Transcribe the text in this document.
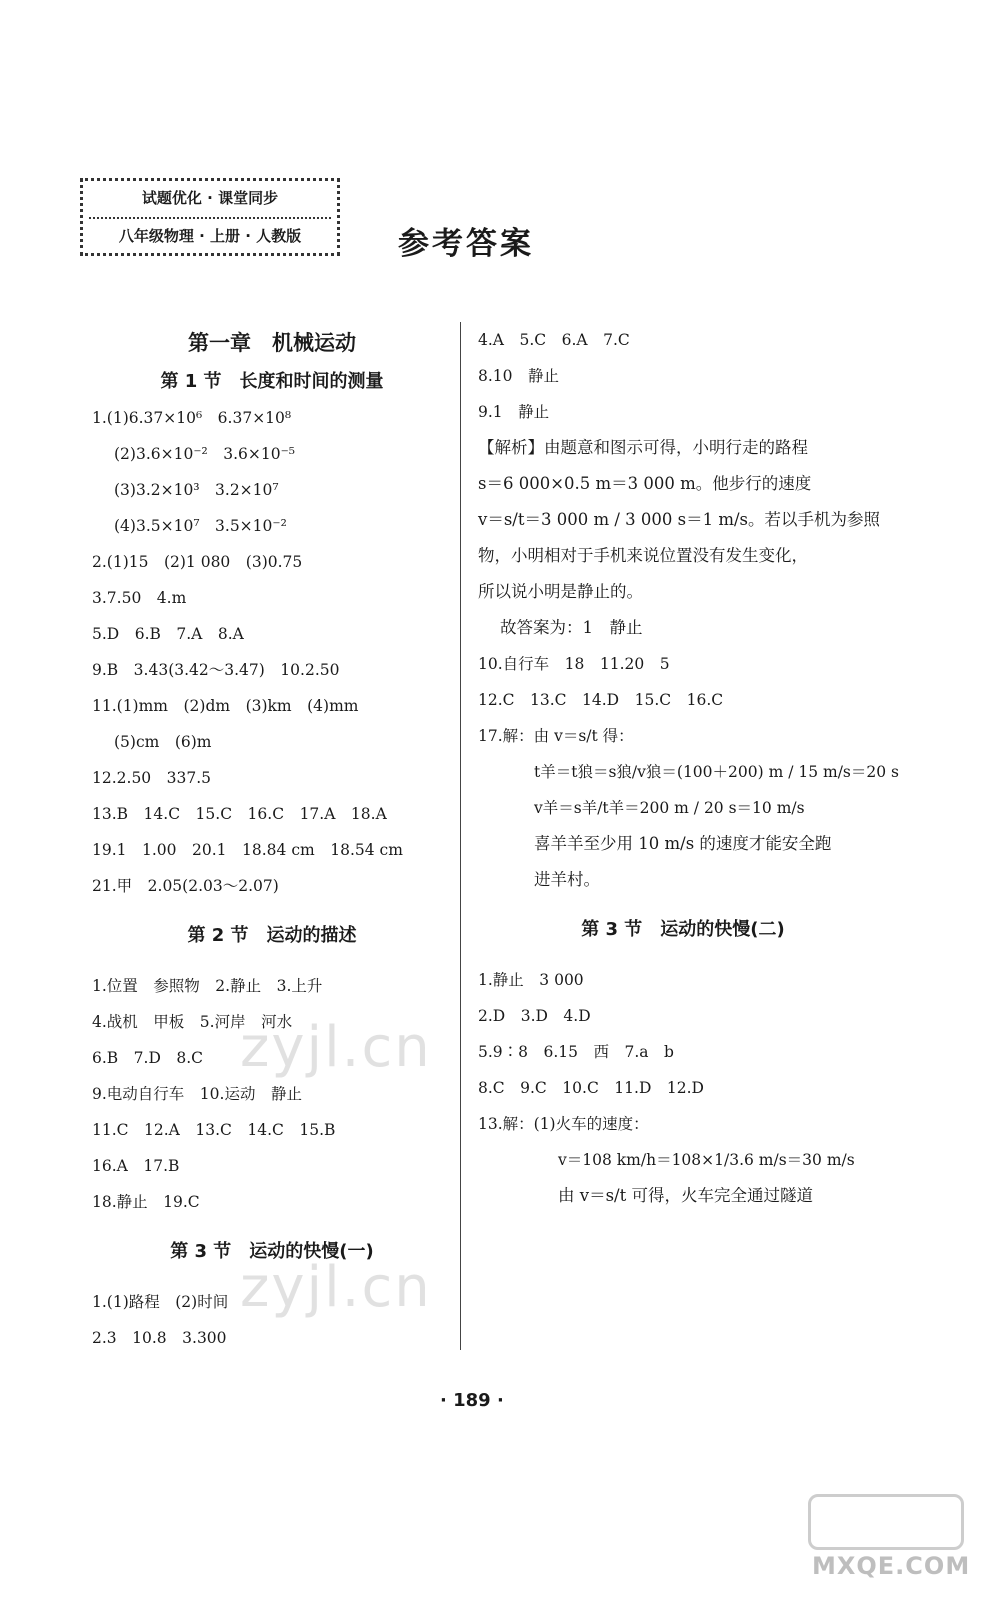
试题优化 · 课堂同步
八年级物理 · 上册 · 人教版	参考答案
第一章　机械运动
第 1 节　长度和时间的测量
1.(1)6.37×10⁶　6.37×10⁸
(2)3.6×10⁻²　3.6×10⁻⁵
(3)3.2×10³　3.2×10⁷
(4)3.5×10⁷　3.5×10⁻²
2.(1)15　(2)1 080　(3)0.75
3.7.50　4.m
5.D　6.B　7.A　8.A
9.B　3.43(3.42～3.47)　10.2.50
11.(1)mm　(2)dm　(3)km　(4)mm
(5)cm　(6)m
12.2.50　337.5
13.B　14.C　15.C　16.C　17.A　18.A
19.1　1.00　20.1　18.84 cm　18.54 cm
21.甲　2.05(2.03～2.07)
第 2 节　运动的描述
1.位置　参照物　2.静止　3.上升
4.战机　甲板　5.河岸　河水
6.B　7.D　8.C
9.电动自行车　10.运动　静止
11.C　12.A　13.C　14.C　15.B
16.A　17.B
18.静止　19.C
第 3 节　运动的快慢(一)
1.(1)路程　(2)时间
2.3　10.8　3.300
4.A　5.C　6.A　7.C
8.10　静止
9.1　静止
【解析】由题意和图示可得，小明行走的路程
s＝6 000×0.5 m＝3 000 m。他步行的速度
v＝s/t＝3 000 m / 3 000 s＝1 m/s。若以手机为参照
物，小明相对于手机来说位置没有发生变化，
所以说小明是静止的。
故答案为：1　静止
10.自行车　18　11.20　5
12.C　13.C　14.D　15.C　16.C
17.解：由 v＝s/t 得：
t羊＝t狼＝s狼/v狼＝(100＋200) m / 15 m/s＝20 s
v羊＝s羊/t羊＝200 m / 20 s＝10 m/s
喜羊羊至少用 10 m/s 的速度才能安全跑
进羊村。
第 3 节　运动的快慢(二)
1.静止　3 000
2.D　3.D　4.D
5.9∶8　6.15　西　7.a　b
8.C　9.C　10.C　11.D　12.D
13.解：(1)火车的速度：
v＝108 km/h＝108×1/3.6 m/s＝30 m/s
由 v＝s/t 可得，火车完全通过隧道
· 189 ·
zyjl.cn
zyjl.cn
MXQE.COM
